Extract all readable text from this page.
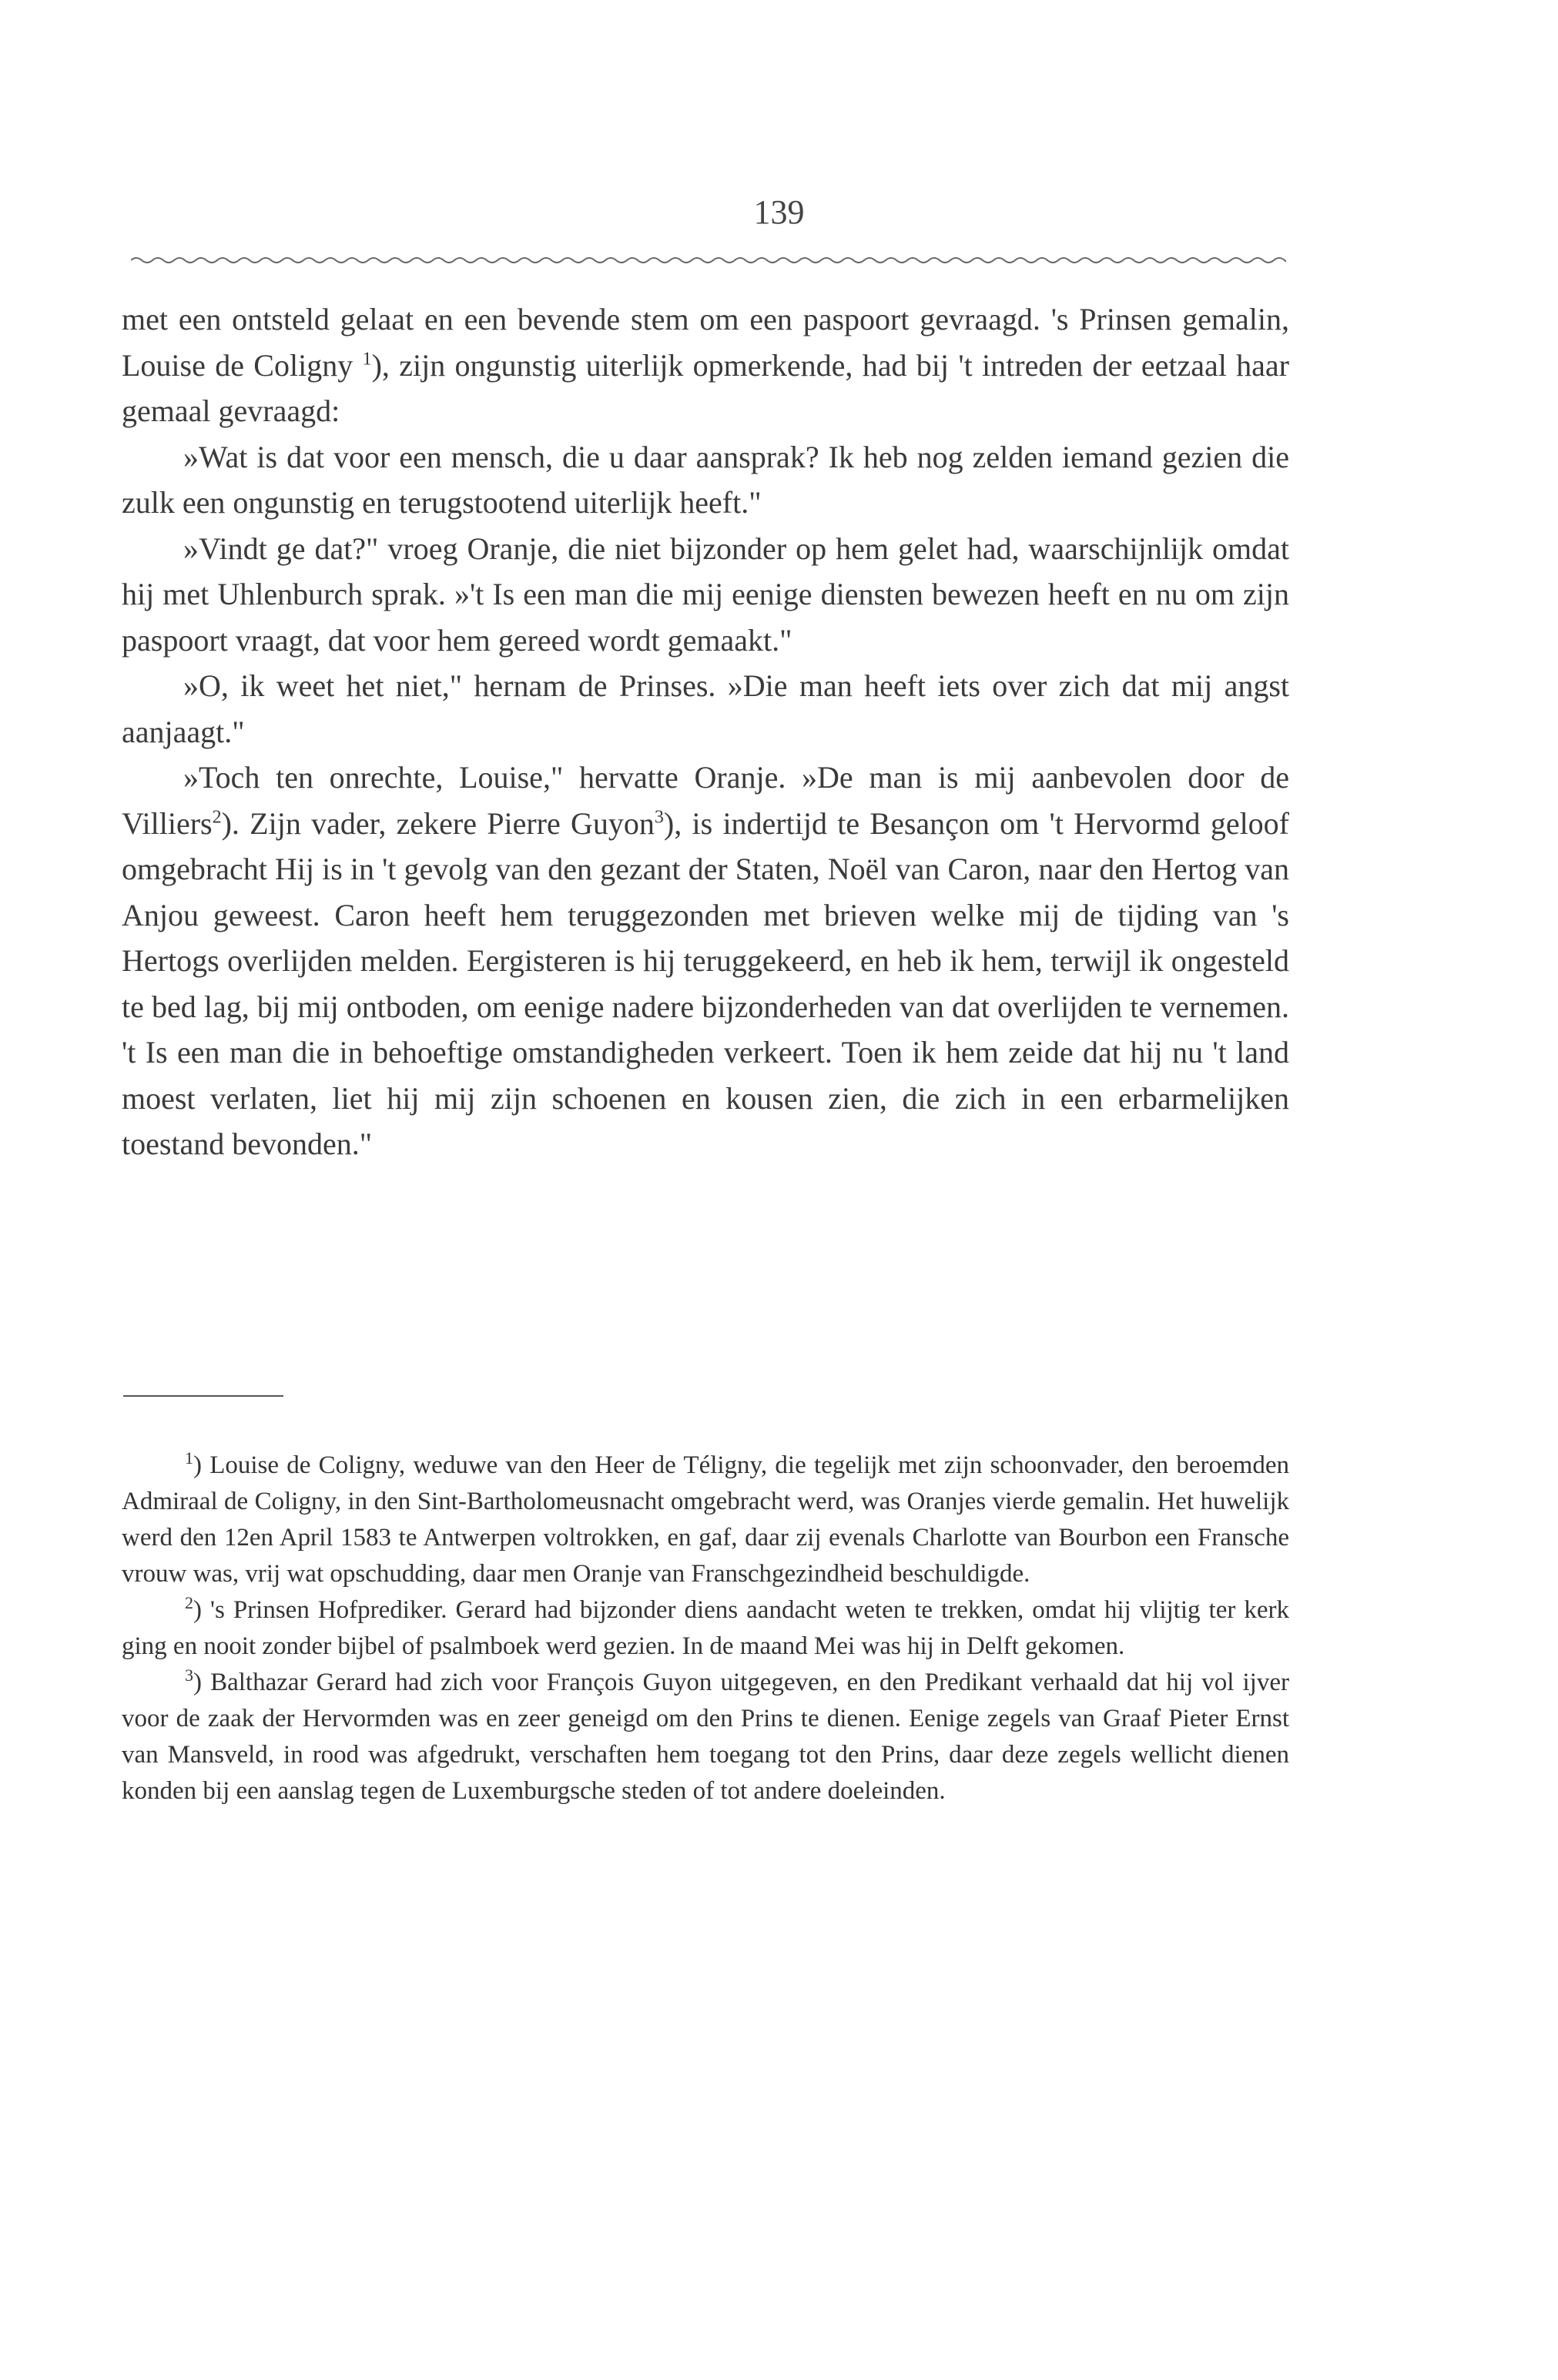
139

met een ontsteld gelaat en een bevende stem om een paspoort gevraagd. 's Prinsen gemalin, Louise de Coligny $^1$), zijn ongunstig uiterlijk opmerkende, had bij 't intreden der eetzaal haar gemaal gevraagd:

»Wat is dat voor een mensch, die u daar aansprak? Ik heb nog zelden iemand gezien die zulk een ongunstig en terugstootend uiterlijk heeft."

»Vindt ge dat?" vroeg Oranje, die niet bijzonder op hem gelet had, waarschijnlijk omdat hij met Uhlenburch sprak. »'t Is een man die mij eenige diensten bewezen heeft en nu om zijn paspoort vraagt, dat voor hem gereed wordt gemaakt."

»O, ik weet het niet," hernam de Prinses. »Die man heeft iets over zich dat mij angst aanjaagt."

»Toch ten onrechte, Louise," hervatte Oranje. »De man is mij aanbevolen door de Villiers$^2$). Zijn vader, zekere Pierre Guyon$^3$), is indertijd te Besançon om 't Hervormd geloof omgebracht Hij is in 't gevolg van den gezant der Staten, Noël van Caron, naar den Hertog van Anjou geweest. Caron heeft hem teruggezonden met brieven welke mij de tijding van 's Hertogs overlijden melden. Eergisteren is hij teruggekeerd, en heb ik hem, terwijl ik ongesteld te bed lag, bij mij ontboden, om eenige nadere bijzonderheden van dat overlijden te vernemen. 't Is een man die in behoeftige omstandigheden verkeert. Toen ik hem zeide dat hij nu 't land moest verlaten, liet hij mij zijn schoenen en kousen zien, die zich in een erbarmelijken toestand bevonden."

$^1$) Louise de Coligny, weduwe van den Heer de Téligny, die tegelijk met zijn schoonvader, den beroemden Admiraal de Coligny, in den Sint-Bartholomeusnacht omgebracht werd, was Oranjes vierde gemalin. Het huwelijk werd den 12en April 1583 te Antwerpen voltrokken, en gaf, daar zij evenals Charlotte van Bourbon een Fransche vrouw was, vrij wat opschudding, daar men Oranje van Franschgezindheid beschuldigde.

$^2$) 's Prinsen Hofprediker. Gerard had bijzonder diens aandacht weten te trekken, omdat hij vlijtig ter kerk ging en nooit zonder bijbel of psalmboek werd gezien. In de maand Mei was hij in Delft gekomen.

$^3$) Balthazar Gerard had zich voor François Guyon uitgegeven, en den Predikant verhaald dat hij vol ijver voor de zaak der Hervormden was en zeer geneigd om den Prins te dienen. Eenige zegels van Graaf Pieter Ernst van Mansveld, in rood was afgedrukt, verschaften hem toegang tot den Prins, daar deze zegels wellicht dienen konden bij een aanslag tegen de Luxemburgsche steden of tot andere doeleinden.
